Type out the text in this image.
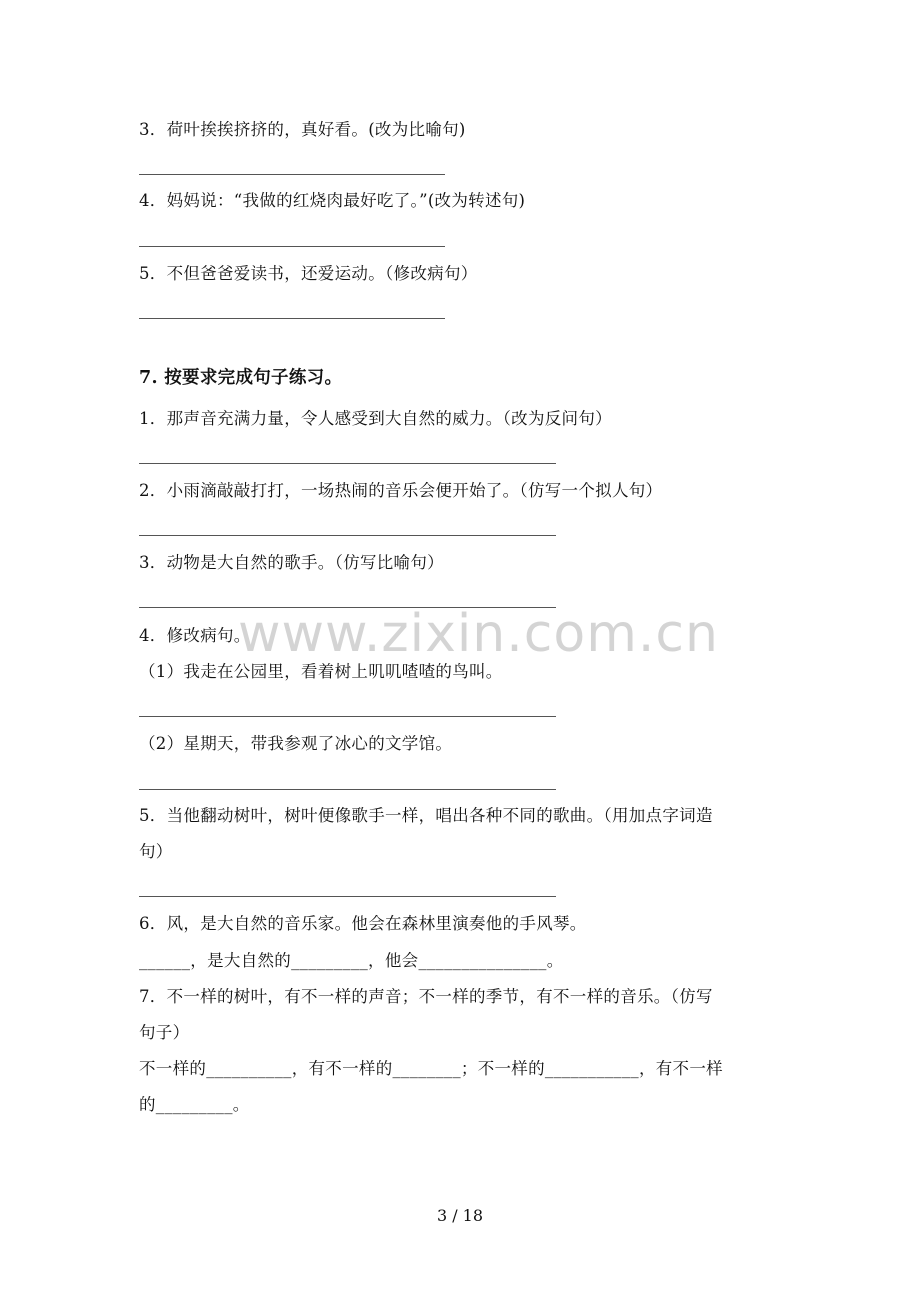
www.zixin.com.cn
3．荷叶挨挨挤挤的，真好看。(改为比喻句)
4．妈妈说：“我做的红烧肉最好吃了。”(改为转述句)
5．不但爸爸爱读书，还爱运动。（修改病句）
7. 按要求完成句子练习。
1．那声音充满力量，令人感受到大自然的威力。（改为反问句）
2．小雨滴敲敲打打，一场热闹的音乐会便开始了。（仿写一个拟人句）
3．动物是大自然的歌手。（仿写比喻句）
4．修改病句。
（1）我走在公园里，看着树上叽叽喳喳的鸟叫。
（2）星期天，带我参观了冰心的文学馆。
5．当他翻动树叶，树叶便像歌手一样，唱出各种不同的歌曲。（用加点字词造
句）
6．风，是大自然的音乐家。他会在森林里演奏他的手风琴。
______，是大自然的_________，他会_______________。
7．不一样的树叶，有不一样的声音；不一样的季节，有不一样的音乐。（仿写
句子）
不一样的__________，有不一样的________；不一样的___________，有不一样
的_________。
3 / 18
